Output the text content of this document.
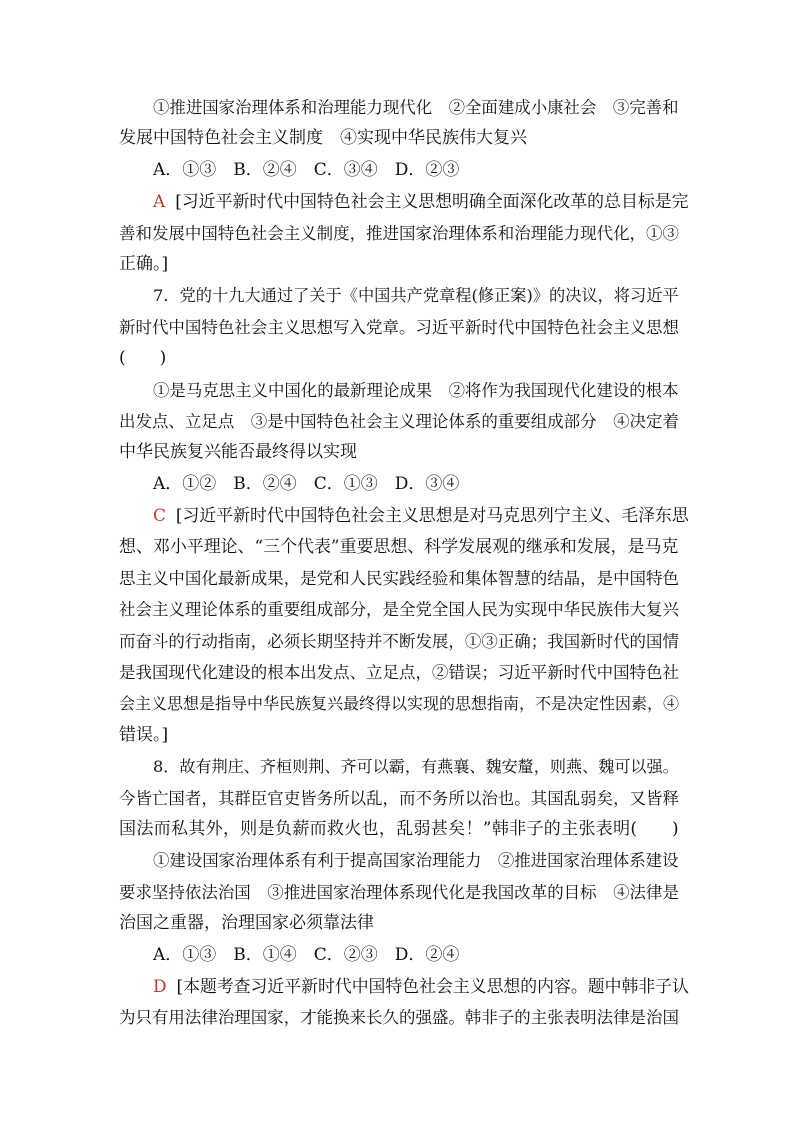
①推进国家治理体系和治理能力现代化　②全面建成小康社会　③完善和
发展中国特色社会主义制度　④实现中华民族伟大复兴
A．①③　B．②④　C．③④　D．②③
A [习近平新时代中国特色社会主义思想明确全面深化改革的总目标是完
善和发展中国特色社会主义制度，推进国家治理体系和治理能力现代化，①③
正确。]
7．党的十九大通过了关于《中国共产党章程(修正案)》的决议，将习近平
新时代中国特色社会主义思想写入党章。习近平新时代中国特色社会主义思想
(　　)
①是马克思主义中国化的最新理论成果　②将作为我国现代化建设的根本
出发点、立足点　③是中国特色社会主义理论体系的重要组成部分　④决定着
中华民族复兴能否最终得以实现
A．①②　B．②④　C．①③　D．③④
C [习近平新时代中国特色社会主义思想是对马克思列宁主义、毛泽东思
想、邓小平理论、“三个代表”重要思想、科学发展观的继承和发展，是马克
思主义中国化最新成果，是党和人民实践经验和集体智慧的结晶，是中国特色
社会主义理论体系的重要组成部分，是全党全国人民为实现中华民族伟大复兴
而奋斗的行动指南，必须长期坚持并不断发展，①③正确；我国新时代的国情
是我国现代化建设的根本出发点、立足点，②错误；习近平新时代中国特色社
会主义思想是指导中华民族复兴最终得以实现的思想指南，不是决定性因素，④
错误。]
8．故有荆庄、齐桓则荆、齐可以霸，有燕襄、魏安釐，则燕、魏可以强。
今皆亡国者，其群臣官吏皆务所以乱，而不务所以治也。其国乱弱矣，又皆释
国法而私其外，则是负薪而救火也，乱弱甚矣！”韩非子的主张表明(　　)
①建设国家治理体系有利于提高国家治理能力　②推进国家治理体系建设
要求坚持依法治国　③推进国家治理体系现代化是我国改革的目标　④法律是
治国之重器，治理国家必须靠法律
A．①③　B．①④　C．②③　D．②④
D [本题考查习近平新时代中国特色社会主义思想的内容。题中韩非子认
为只有用法律治理国家，才能换来长久的强盛。韩非子的主张表明法律是治国
